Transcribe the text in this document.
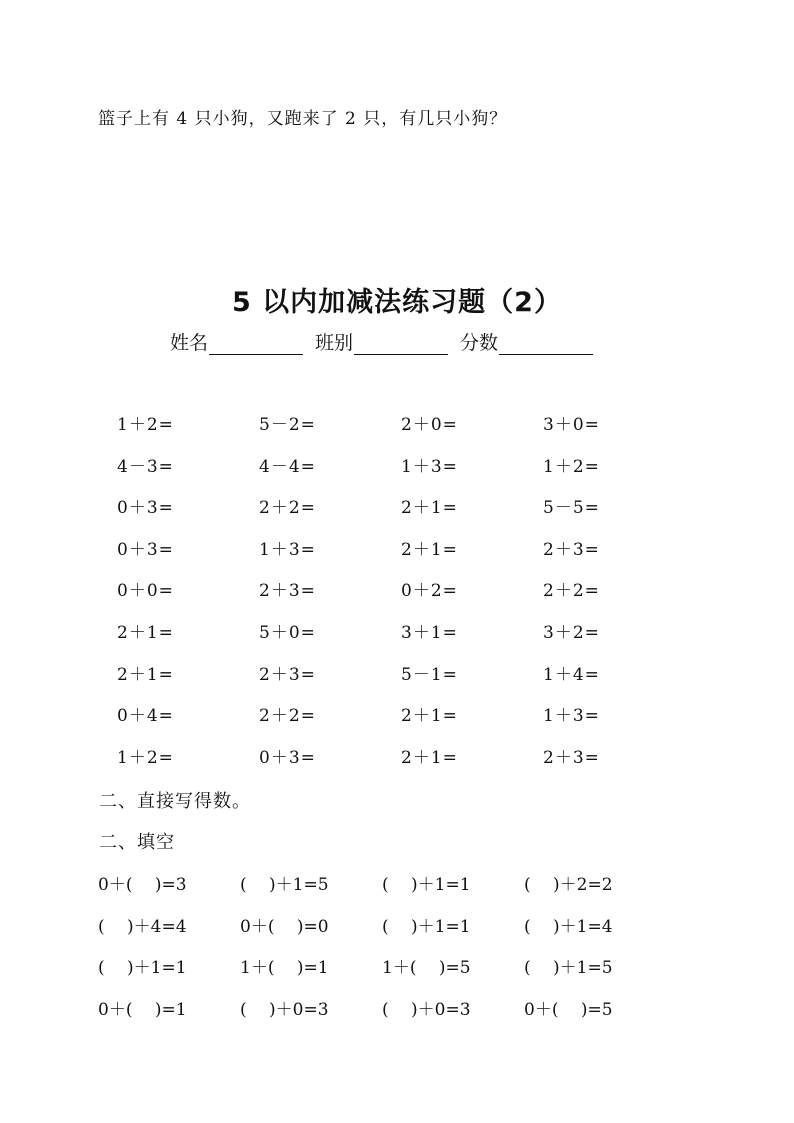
篮子上有 4 只小狗，又跑来了 2 只，有几只小狗？
5 以内加减法练习题（2）
姓名	班别	分数
1＋2=	5－2=	2＋0=	3＋0=
4－3=	4－4=	1＋3=	1＋2=
0＋3=	2＋2=	2＋1=	5－5=
0＋3=	1＋3=	2＋1=	2＋3=
0＋0=	2＋3=	0＋2=	2＋2=
2＋1=	5＋0=	3＋1=	3＋2=
2＋1=	2＋3=	5－1=	1＋4=
0＋4=	2＋2=	2＋1=	1＋3=
1＋2=	0＋3=	2＋1=	2＋3=
二、直接写得数。
二、填空
0＋(　 )=3	(　 )＋1=5	(　 )＋1=1	(　 )＋2=2
(　 )＋4=4	0＋(　 )=0	(　 )＋1=1	(　 )＋1=4
(　 )＋1=1	1＋(　 )=1	1＋(　 )=5	(　 )＋1=5
0＋(　 )=1	(　 )＋0=3	(　 )＋0=3	0＋(　 )=5
